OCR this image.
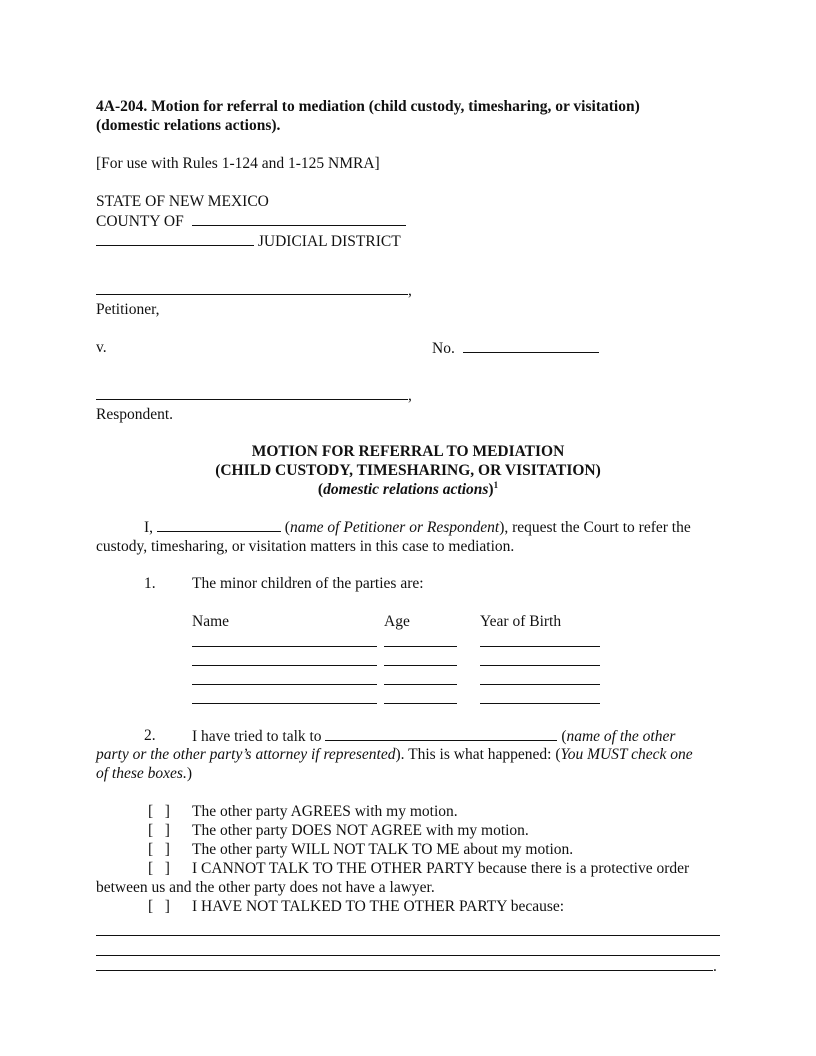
4A-204. Motion for referral to mediation (child custody, timesharing, or visitation)
(domestic relations actions).
[For use with Rules 1-124 and 1-125 NMRA]
STATE OF NEW MEXICO
COUNTY OF
JUDICIAL DISTRICT
,
Petitioner,
v.	No.
,
Respondent.
MOTION FOR REFERRAL TO MEDIATION
(CHILD CUSTODY, TIMESHARING, OR VISITATION)
(domestic relations actions)$^1$
I,	(name of Petitioner or Respondent), request the Court to refer the
custody, timesharing, or visitation matters in this case to mediation.
1. The minor children of the parties are:
Name	Age	Year of Birth
2. I have tried to talk to	(name of the other
party or the other party’s attorney if represented). This is what happened: (You MUST check one
of these boxes.)
[   ]	The other party AGREES with my motion.
[   ]	The other party DOES NOT AGREE with my motion.
[   ]	The other party WILL NOT TALK TO ME about my motion.
[   ]	I CANNOT TALK TO THE OTHER PARTY because there is a protective order
between us and the other party does not have a lawyer.
[   ]	I HAVE NOT TALKED TO THE OTHER PARTY because:
.
